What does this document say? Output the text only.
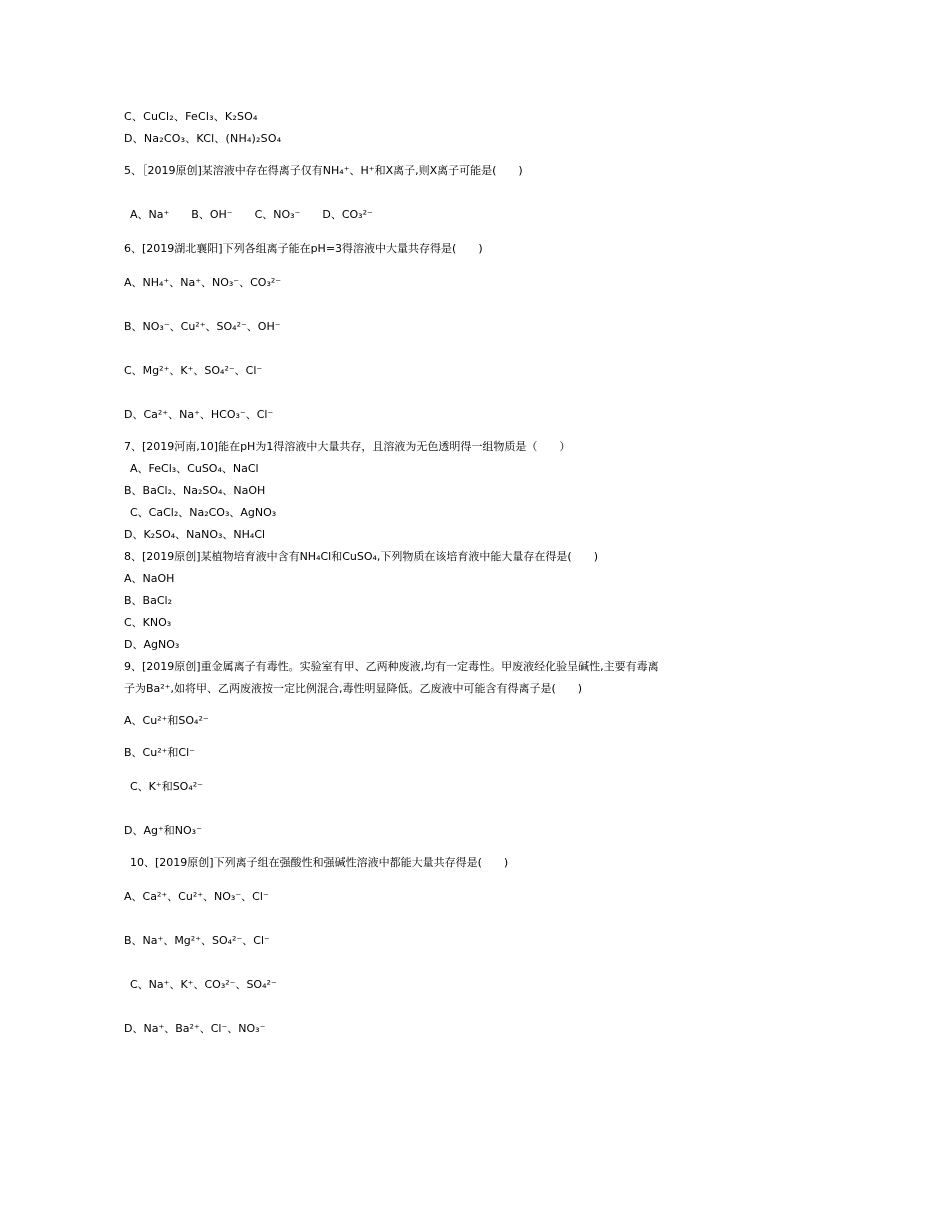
C、CuCl₂、FeCl₃、K₂SO₄
D、Na₂CO₃、KCl、(NH₄)₂SO₄
5、［2019原创]某溶液中存在得离子仅有NH₄⁺、H⁺和X离子,则X离子可能是(　　)
A、Na⁺　　B、OH⁻　　C、NO₃⁻　　D、CO₃²⁻
6、[2019湖北襄阳]下列各组离子能在pH=3得溶液中大量共存得是(　　)
A、NH₄⁺、Na⁺、NO₃⁻、CO₃²⁻
B、NO₃⁻、Cu²⁺、SO₄²⁻、OH⁻
C、Mg²⁺、K⁺、SO₄²⁻、Cl⁻
D、Ca²⁺、Na⁺、HCO₃⁻、Cl⁻
7、[2019河南,10]能在pH为1得溶液中大量共存，且溶液为无色透明得一组物质是（　　）
A、FeCl₃、CuSO₄、NaCl
B、BaCl₂、Na₂SO₄、NaOH
C、CaCl₂、Na₂CO₃、AgNO₃
D、K₂SO₄、NaNO₃、NH₄Cl
8、[2019原创]某植物培育液中含有NH₄Cl和CuSO₄,下列物质在该培育液中能大量存在得是(　　)
A、NaOH
B、BaCl₂
C、KNO₃
D、AgNO₃
9、[2019原创]重金属离子有毒性。实验室有甲、乙两种废液,均有一定毒性。甲废液经化验呈碱性,主要有毒离
子为Ba²⁺,如将甲、乙两废液按一定比例混合,毒性明显降低。乙废液中可能含有得离子是(　　)
A、Cu²⁺和SO₄²⁻
B、Cu²⁺和Cl⁻
C、K⁺和SO₄²⁻
D、Ag⁺和NO₃⁻
10、[2019原创]下列离子组在强酸性和强碱性溶液中都能大量共存得是(　　)
A、Ca²⁺、Cu²⁺、NO₃⁻、Cl⁻
B、Na⁺、Mg²⁺、SO₄²⁻、Cl⁻
C、Na⁺、K⁺、CO₃²⁻、SO₄²⁻
D、Na⁺、Ba²⁺、Cl⁻、NO₃⁻
